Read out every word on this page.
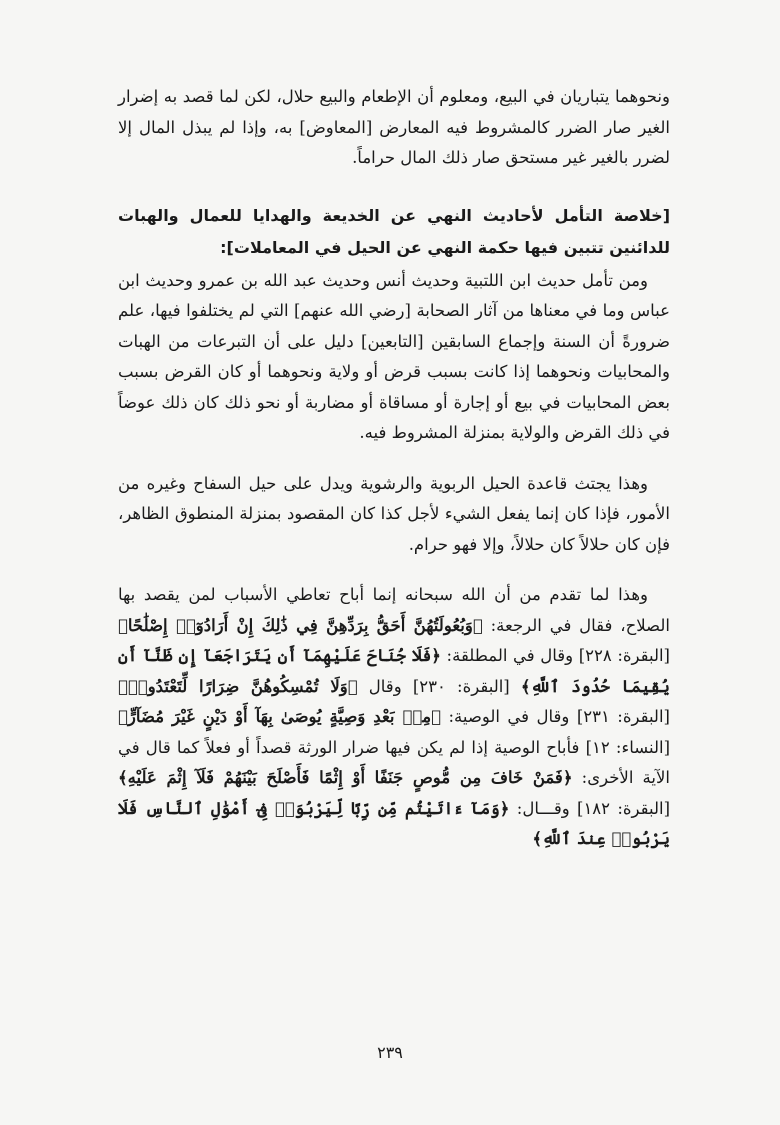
ونحوهما يتباريان في البيع، ومعلوم أن الإطعام والبيع حلال، لكن لما قصد به إضرار الغير صار الضرر كالمشروط فيه المعارض [المعاوض] به، وإذا لم يبذل المال إلا لضرر بالغير غير مستحق صار ذلك المال حراماً.

[خلاصة التأمل لأحاديث النهي عن الخديعة والهدايا للعمال والهبات للدائنين تتبين فيها حكمة النهي عن الحيل في المعاملات]:

ومن تأمل حديث ابن اللتبية وحديث أنس وحديث عبد الله بن عمرو وحديث ابن عباس وما في معناها من آثار الصحابة [رضي الله عنهم] التي لم يختلفوا فيها، علم ضرورةً أن السنة وإجماع السابقين [التابعين] دليل على أن التبرعات من الهبات والمحابيات ونحوهما إذا كانت بسبب قرض أو ولاية ونحوهما أو كان القرض بسبب بعض المحابيات في بيع أو إجارة أو مساقاة أو مضاربة أو نحو ذلك كان ذلك عوضاً في ذلك القرض والولاية بمنزلة المشروط فيه.

وهذا يجتث قاعدة الحيل الربوية والرشوية ويدل على حيل السفاح وغيره من الأمور، فإذا كان إنما يفعل الشيء لأجل كذا كان المقصود بمنزلة المنطوق الظاهر، فإن كان حلالاً كان حلالاً، وإلا فهو حرام.

وهذا لما تقدم من أن الله سبحانه إنما أباح تعاطي الأسباب لمن يقصد بها الصلاح، فقال في الرجعة: ﴿وَبُعُولَتُهُنَّ أَحَقُّ بِرَدِّهِنَّ فِي ذَٰلِكَ إِنْ أَرَادُوٓا۟ إِصْلَٰحًا﴾ [البقرة: ٢٢٨] وقال في المطلقة: ﴿فَلَا جُنَاحَ عَلَيْهِمَآ أَن يَتَرَاجَعَآ إِن ظَنَّآ أَن يُقِيمَا حُدُودَ ٱللَّهِ﴾ [البقرة: ٢٣٠] وقال ﴿وَلَا تُمْسِكُوهُنَّ ضِرَارًا لِّتَعْتَدُوا۟﴾ [البقرة: ٢٣١] وقال في الوصية: ﴿مِنۢ بَعْدِ وَصِيَّةٍ يُوصَىٰ بِهَآ أَوْ دَيْنٍ غَيْرَ مُضَآرٍّ﴾ [النساء: ١٢] فأباح الوصية إذا لم يكن فيها ضرار الورثة قصداً أو فعلاً كما قال في الآية الأخرى: ﴿فَمَنْ خَافَ مِن مُّوصٍ جَنَفًا أَوْ إِثْمًا فَأَصْلَحَ بَيْنَهُمْ فَلَآ إِثْمَ عَلَيْهِ﴾ [البقرة: ١٨٢] وقـــال: ﴿وَمَآ ءَاتَيْتُم مِّن رِّبًا لِّيَرْبُوَا۟ فِىٓ أَمْوَٰلِ ٱلنَّاسِ فَلَا يَرْبُوا۟ عِندَ ٱللَّهِ﴾

٢٣٩
